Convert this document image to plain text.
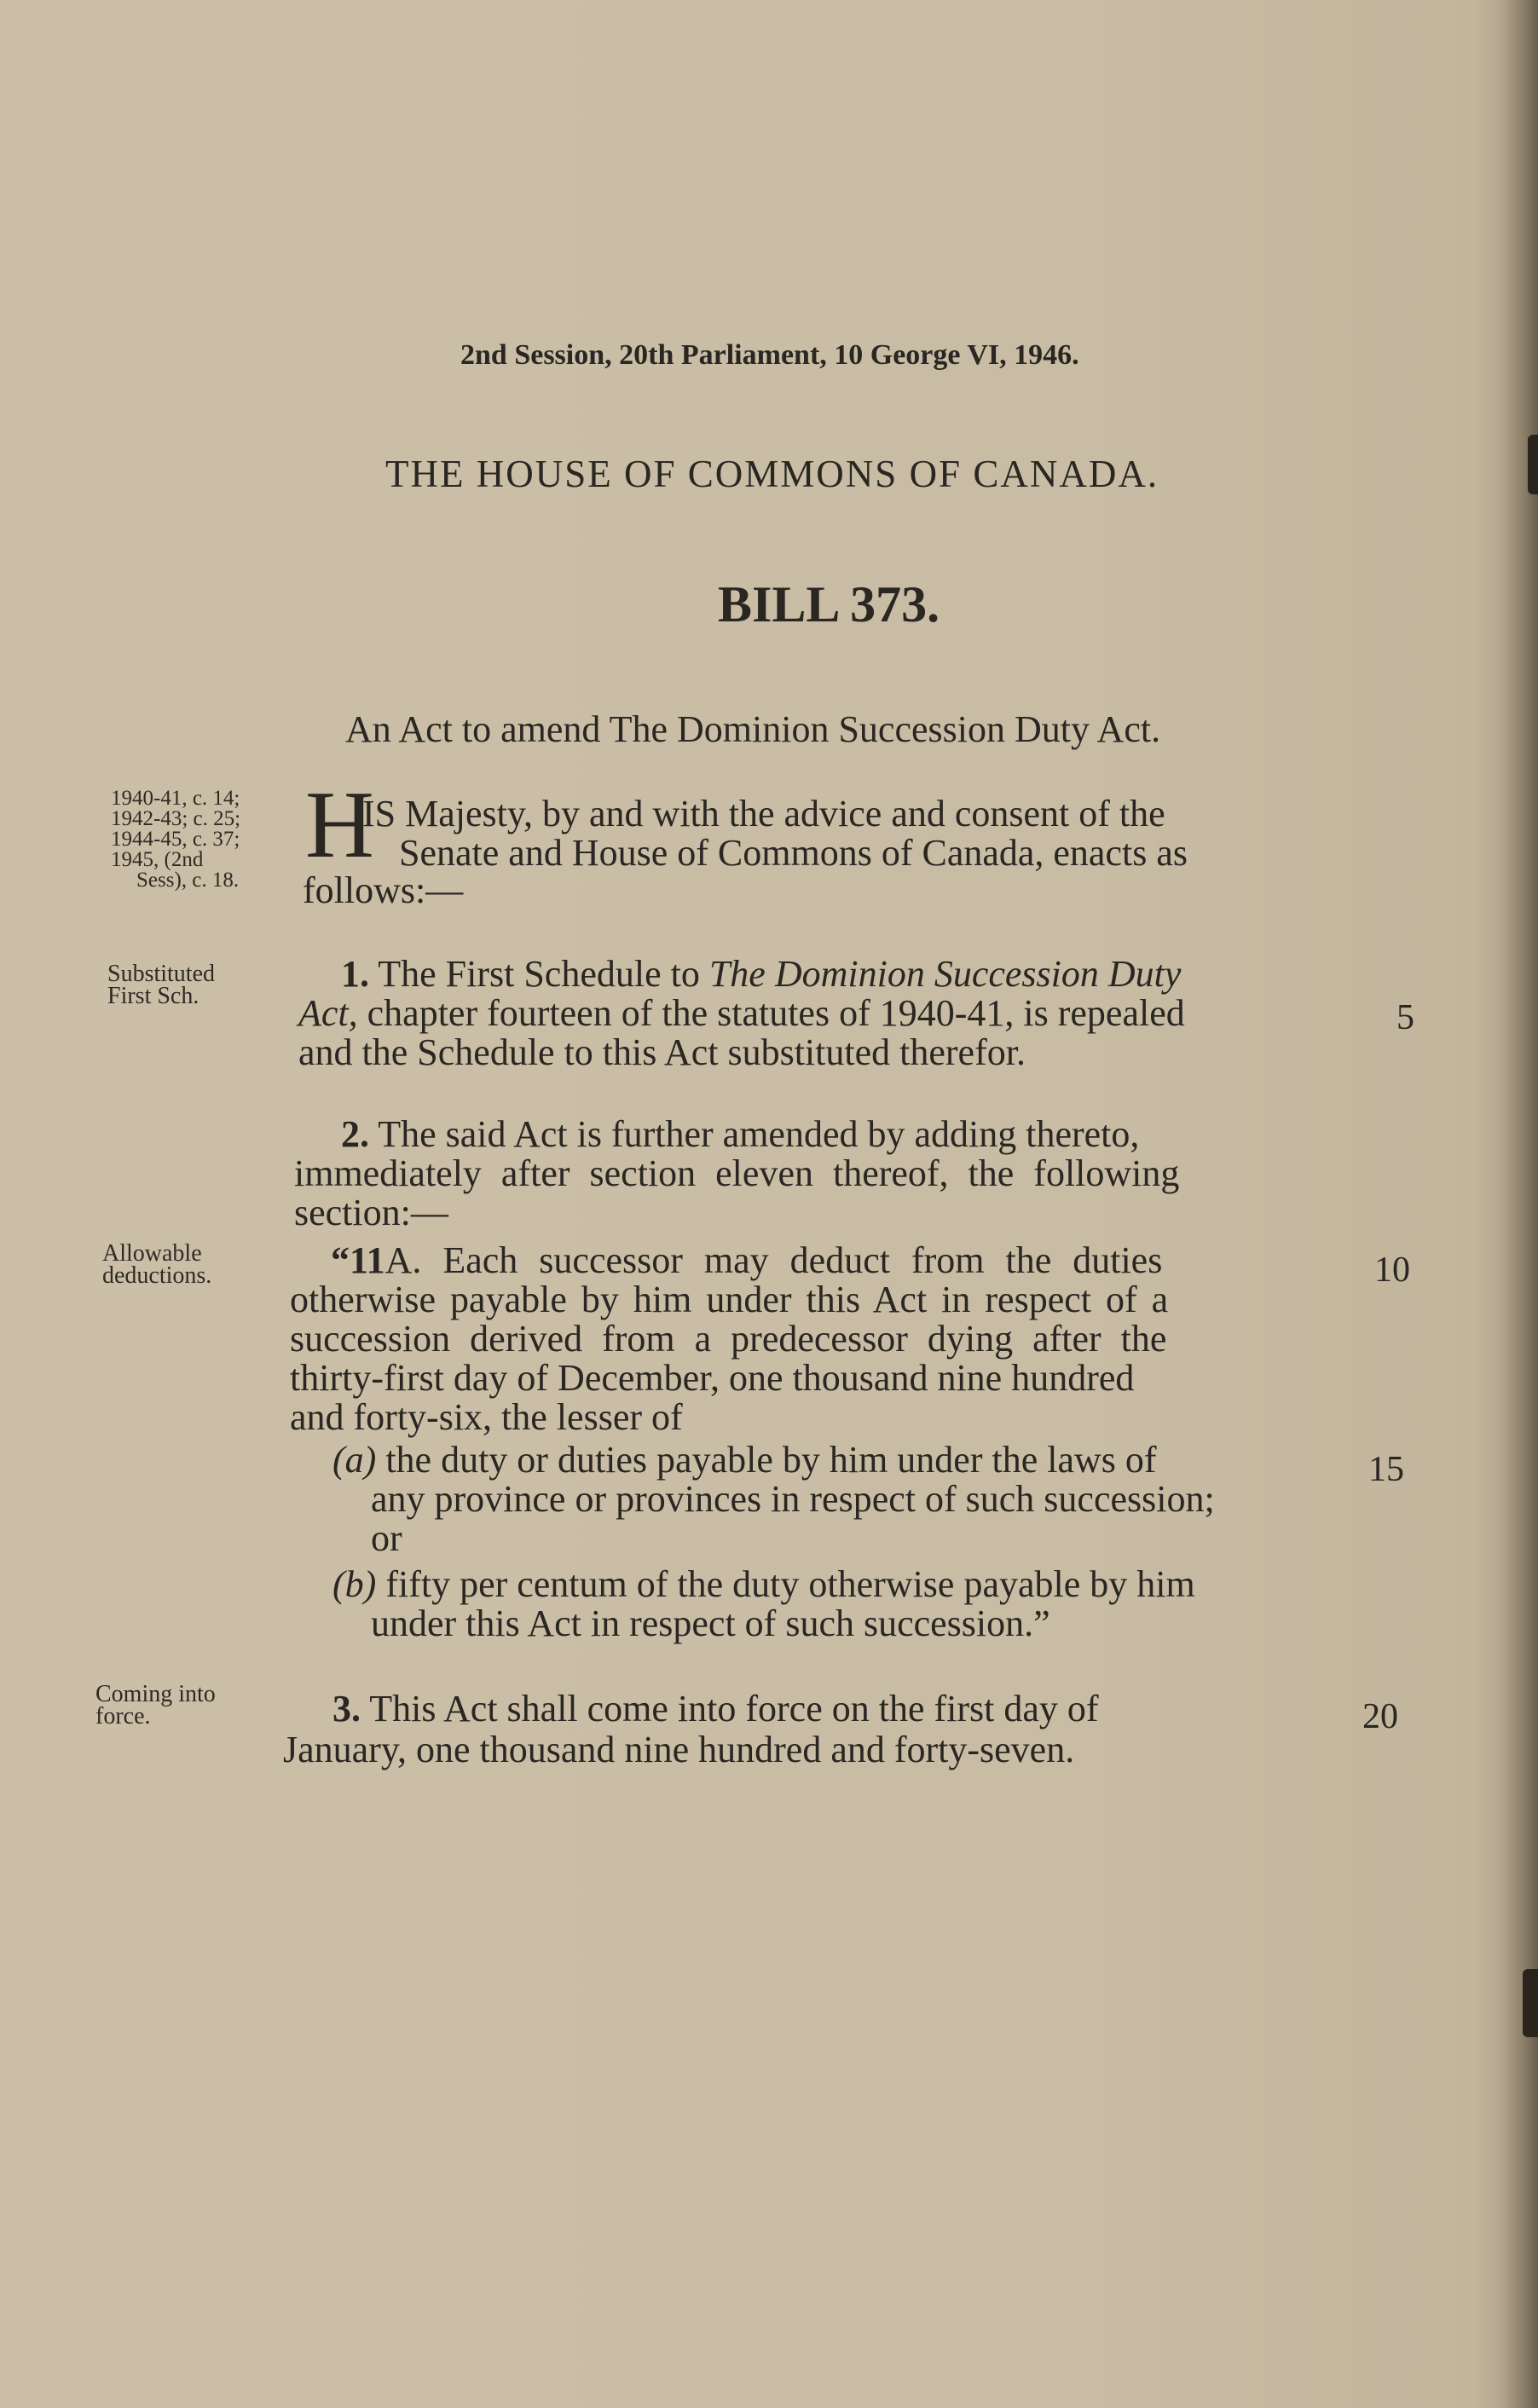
2nd Session, 20th Parliament, 10 George VI, 1946.
THE HOUSE OF COMMONS OF CANADA.
BILL 373.
An Act to amend The Dominion Succession Duty Act.
1940-41, c. 14;
1942-43; c. 25;
1944-45, c. 37;
1945, (2nd
Sess), c. 18.
H
IS Majesty, by and with the advice and consent of the
Senate and House of Commons of Canada, enacts as
follows:—
Substituted
First Sch.
1. The First Schedule to The Dominion Succession Duty
Act, chapter fourteen of the statutes of 1940-41, is repealed	5
and the Schedule to this Act substituted therefor.
2. The said Act is further amended by adding thereto,
immediately after section eleven thereof, the following
section:—
Allowable
deductions.	“11A. Each successor may deduct from the duties	10
otherwise payable by him under this Act in respect of a
succession derived from a predecessor dying after the
thirty-first day of December, one thousand nine hundred
and forty-six, the lesser of
(a) the duty or duties payable by him under the laws of	15
any province or provinces in respect of such succession;
or
(b) fifty per centum of the duty otherwise payable by him
under this Act in respect of such succession.”
Coming into
force.	3. This Act shall come into force on the first day of	20
January, one thousand nine hundred and forty-seven.
